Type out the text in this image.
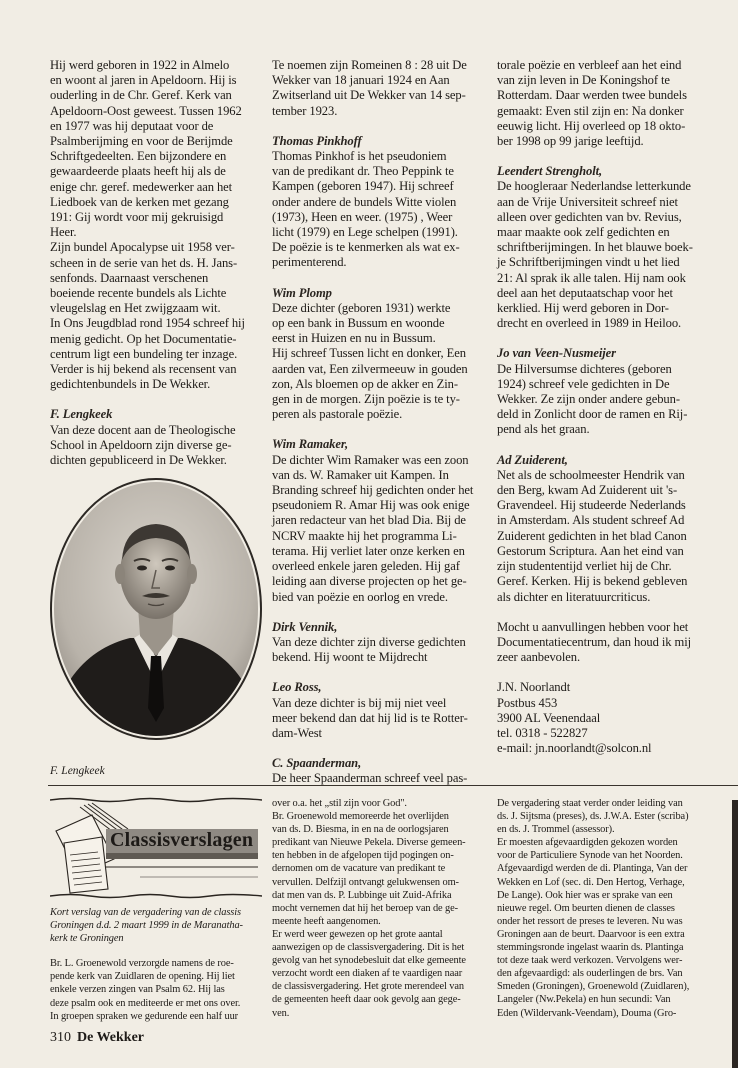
Hij werd geboren in 1922 in Almelo
en woont al jaren in Apeldoorn. Hij is
ouderling in de Chr. Geref. Kerk van
Apeldoorn-Oost geweest. Tussen 1962
en 1977 was hij deputaat voor de
Psalmberijming en voor de Berijmde
Schriftgedeelten. Een bijzondere en
gewaardeerde plaats heeft hij als de
enige chr. geref. medewerker aan het
Liedboek van de kerken met gezang
191: Gij wordt voor mij gekruisigd
Heer.
Zijn bundel Apocalypse uit 1958 ver-
scheen in de serie van het ds. H. Jans-
senfonds. Daarnaast verschenen
boeiende recente bundels als Lichte
vleugelslag en Het zwijgzaam wit.
In Ons Jeugdblad rond 1954 schreef hij
menig gedicht. Op het Documentatie-
centrum ligt een bundeling ter inzage.
Verder is hij bekend als recensent van
gedichtenbundels in De Wekker.
F. Lengkeek
Van deze docent aan de Theologische
School in Apeldoorn zijn diverse ge-
dichten gepubliceerd in De Wekker.
F. Lengkeek
Te noemen zijn Romeinen 8 : 28 uit De
Wekker van 18 januari 1924 en Aan
Zwitserland uit De Wekker van 14 sep-
tember 1923.
Thomas Pinkhoff
Thomas Pinkhof is het pseudoniem
van de predikant dr. Theo Peppink te
Kampen (geboren 1947). Hij schreef
onder andere de bundels Witte violen
(1973), Heen en weer. (1975) , Weer
licht (1979) en Lege schelpen (1991).
De poëzie is te kenmerken als wat ex-
perimenterend.
Wim Plomp
Deze dichter (geboren 1931) werkte
op een bank in Bussum en woonde
eerst in Huizen en nu in Bussum.
Hij schreef Tussen licht en donker, Een
aarden vat, Een zilvermeeuw in gouden
zon, Als bloemen op de akker en Zin-
gen in de morgen. Zijn poëzie is te ty-
peren als pastorale poëzie.
Wim Ramaker,
De dichter Wim Ramaker was een zoon
van ds. W. Ramaker uit Kampen. In
Branding schreef hij gedichten onder het
pseudoniem R. Amar Hij was ook enige
jaren redacteur van het blad Dia. Bij de
NCRV maakte hij het programma Li-
terama. Hij verliet later onze kerken en
overleed enkele jaren geleden. Hij gaf
leiding aan diverse projecten op het ge-
bied van poëzie en oorlog en vrede.
Dirk Vennik,
Van deze dichter zijn diverse gedichten
bekend. Hij woont te Mijdrecht
Leo Ross,
Van deze dichter is bij mij niet veel
meer bekend dan dat hij lid is te Rotter-
dam-West
C. Spaanderman,
De heer Spaanderman schreef veel pas-
torale poëzie en verbleef aan het eind
van zijn leven in De Koningshof te
Rotterdam. Daar werden twee bundels
gemaakt: Even stil zijn en: Na donker
eeuwig licht. Hij overleed op 18 okto-
ber 1998 op 99 jarige leeftijd.
Leendert Strengholt,
De hoogleraar Nederlandse letterkunde
aan de Vrije Universiteit schreef niet
alleen over gedichten van bv. Revius,
maar maakte ook zelf gedichten en
schriftberijmingen. In het blauwe boek-
je Schriftberijmingen vindt u het lied
21: Al sprak ik alle talen. Hij nam ook
deel aan het deputaatschap voor het
kerklied. Hij werd geboren in Dor-
drecht en overleed in 1989 in Heiloo.
Jo van Veen-Nusmeijer
De Hilversumse dichteres (geboren
1924) schreef vele gedichten in De
Wekker. Ze zijn onder andere gebun-
deld in Zonlicht door de ramen en Rij-
pend als het graan.
Ad Zuiderent,
Net als de schoolmeester Hendrik van
den Berg, kwam Ad Zuiderent uit 's-
Gravendeel. Hij studeerde Nederlands
in Amsterdam. Als student schreef Ad
Zuiderent gedichten in het blad Canon
Gestorum Scriptura. Aan het eind van
zijn studententijd verliet hij de Chr.
Geref. Kerken. Hij is bekend gebleven
als dichter en literatuurcriticus.
Mocht u aanvullingen hebben voor het
Documentatiecentrum, dan houd ik mij
zeer aanbevolen.
J.N. Noorlandt
Postbus 453
3900 AL Veenendaal
tel. 0318 - 522827
e-mail: jn.noorlandt@solcon.nl
Classisverslagen
Kort verslag van de vergadering van de classis
Groningen d.d. 2 maart 1999 in de Maranatha-
kerk te Groningen
Br. L. Groenewold verzorgde namens de roe-
pende kerk van Zuidlaren de opening. Hij liet
enkele verzen zingen van Psalm 62. Hij las
deze psalm ook en mediteerde er met ons over.
In groepen spraken we gedurende een half uur
over o.a. het „stil zijn voor God".
Br. Groenewold memoreerde het overlijden
van ds. D. Biesma, in en na de oorlogsjaren
predikant van Nieuwe Pekela. Diverse gemeen-
ten hebben in de afgelopen tijd pogingen on-
dernomen om de vacature van predikant te
vervullen. Delfzijl ontvangt gelukwensen om-
dat men van ds. P. Lubbinge uit Zuid-Afrika
mocht vernemen dat hij het beroep van de ge-
meente heeft aangenomen.
Er werd weer gewezen op het grote aantal
aanwezigen op de classisvergadering. Dit is het
gevolg van het synodebesluit dat elke gemeente
verzocht wordt een diaken af te vaardigen naar
de classisvergadering. Het grote merendeel van
de gemeenten heeft daar ook gevolg aan gege-
ven.
De vergadering staat verder onder leiding van
ds. J. Sijtsma (preses), ds. J.W.A. Ester (scriba)
en ds. J. Trommel (assessor).
Er moesten afgevaardigden gekozen worden
voor de Particuliere Synode van het Noorden.
Afgevaardigd werden de di. Plantinga, Van der
Wekken en Lof (sec. di. Den Hertog, Verhage,
De Lange). Ook hier was er sprake van een
nieuwe regel. Om beurten dienen de classes
onder het ressort de preses te leveren. Nu was
Groningen aan de beurt. Daarvoor is een extra
stemmingsronde ingelast waarin ds. Plantinga
tot deze taak werd verkozen. Vervolgens wer-
den afgevaardigd: als ouderlingen de brs. Van
Smeden (Groningen), Groenewold (Zuidlaren),
Langeler (Nw.Pekela) en hun secundi: Van
Eden (Wildervank-Veendam), Douma (Gro-
310 De Wekker
